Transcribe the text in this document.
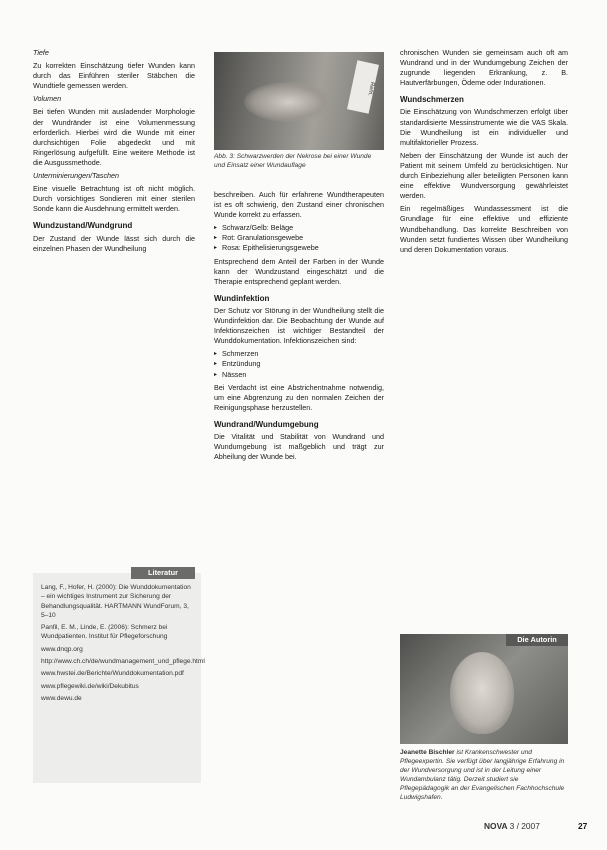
Tiefe

Zu korrekten Einschätzung tiefer Wunden kann durch das Einführen steriler Stäbchen die Wundtiefe gemessen werden.

Volumen

Bei tiefen Wunden mit ausladender Morphologie der Wundränder ist eine Volumenmessung erforderlich. Hierbei wird die Wunde mit einer durchsichtigen Folie abgedeckt und mit Ringerlösung aufgefüllt. Eine weitere Methode ist die Ausgussmethode.

Unterminierungen/Taschen

Eine visuelle Betrachtung ist oft nicht möglich. Durch vorsichtiges Sondieren mit einer sterilen Sonde kann die Ausdehnung ermittelt werden.

Wundzustand/Wundgrund

Der Zustand der Wunde lässt sich durch die einzelnen Phasen der Wundheilung

Rem.
Abb. 3: Schwarzwerden der Nekrose bei einer Wunde und Einsatz einer Wundauflage

beschreiben. Auch für erfahrene Wundtherapeuten ist es oft schwierig, den Zustand einer chronischen Wunde korrekt zu erfassen.

▸ Schwarz/Gelb: Beläge
▸ Rot: Granulationsgewebe
▸ Rosa: Epithelisierungsgewebe

Entsprechend dem Anteil der Farben in der Wunde kann der Wundzustand eingeschätzt und die Therapie entsprechend geplant werden.

Wundinfektion

Der Schutz vor Störung in der Wundheilung stellt die Wundinfektion dar. Die Beobachtung der Wunde auf Infektionszeichen ist wichtiger Bestandteil der Wunddokumentation. Infektionszeichen sind:

▸ Schmerzen
▸ Entzündung
▸ Nässen

Bei Verdacht ist eine Abstrichentnahme notwendig, um eine Abgrenzung zu den normalen Zeichen der Reinigungsphase herzustellen.

Wundrand/Wundumgebung

Die Vitalität und Stabilität von Wundrand und Wundumgebung ist maßgeblich und trägt zur Abheilung der Wunde bei.

chronischen Wunden sie gemeinsam auch oft am Wundrand und in der Wundumgebung Zeichen der zugrunde liegenden Erkrankung, z. B. Hautverfärbungen, Ödeme oder Indurationen.

Wundschmerzen

Die Einschätzung von Wundschmerzen erfolgt über standardisierte Messinstrumente wie die VAS Skala. Die Wundheilung ist ein individueller und multifaktorieller Prozess.

Neben der Einschätzung der Wunde ist auch der Patient mit seinem Umfeld zu berücksichtigen. Nur durch Einbeziehung aller beteiligten Personen kann eine effektive Wundversorgung gewährleistet werden.

Ein regelmäßiges Wundassessment ist die Grundlage für eine effektive und effiziente Wundbehandlung. Das korrekte Beschreiben von Wunden setzt fundiertes Wissen über Wundheilung und deren Dokumentation voraus.

Literatur
Lang, F., Hofer, H. (2000): Die Wunddokumentation – ein wichtiges Instrument zur Sicherung der Behandlungsqualität. HARTMANN WundForum, 3, 5–10
Panfil, E. M., Linde, E. (2006): Schmerz bei Wundpatienten. Institut für Pflegeforschung
www.dnqp.org
http://www.ch.ch/de/wundmanagement_und_pflege.html
www.hwstei.de/Berichte/Wunddokumentation.pdf
www.pflegewiki.de/wiki/Dekubitus
www.dewu.de
Die Autorin
Jeanette Bischler ist Krankenschwester und Pflegeexpertin. Sie verfügt über langjährige Erfahrung in der Wundversorgung und ist in der Leitung einer Wundambulanz tätig. Derzeit studiert sie Pflegepädagogik an der Evangelischen Fachhochschule Ludwigshafen.
NOVA 3 / 2007	27
